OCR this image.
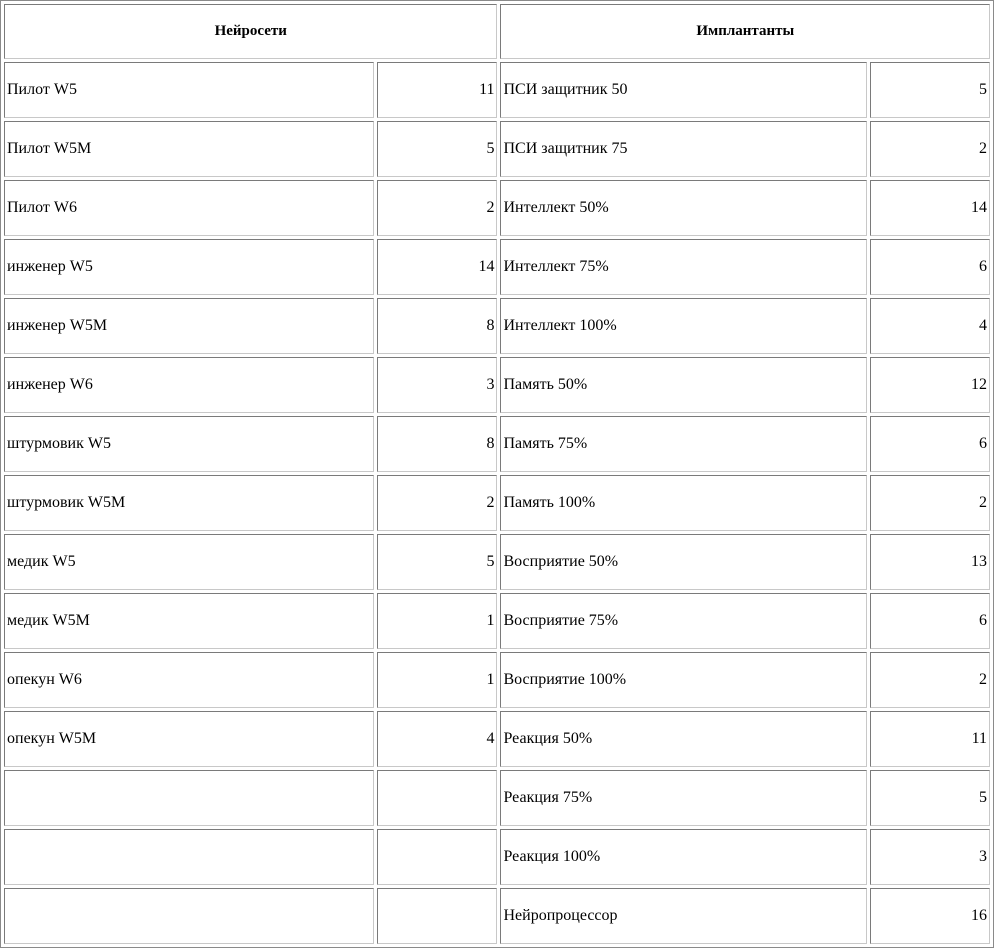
Нейросети		Имплантанты	
Пилот W5	11	ПСИ защитник 50	5
Пилот W5M	5	ПСИ защитник 75	2
Пилот W6	2	Интеллект 50%	14
инженер W5	14	Интеллект 75%	6
инженер W5M	8	Интеллект 100%	4
инженер W6	3	Память 50%	12
штурмовик W5	8	Память 75%	6
штурмовик W5M	2	Память 100%	2
медик W5	5	Восприятие 50%	13
медик W5M	1	Восприятие 75%	6
опекун W6	1	Восприятие 100%	2
опекун W5M	4	Реакция 50%	11
		Реакция 75%	5
		Реакция 100%	3
		Нейропроцессор	16
